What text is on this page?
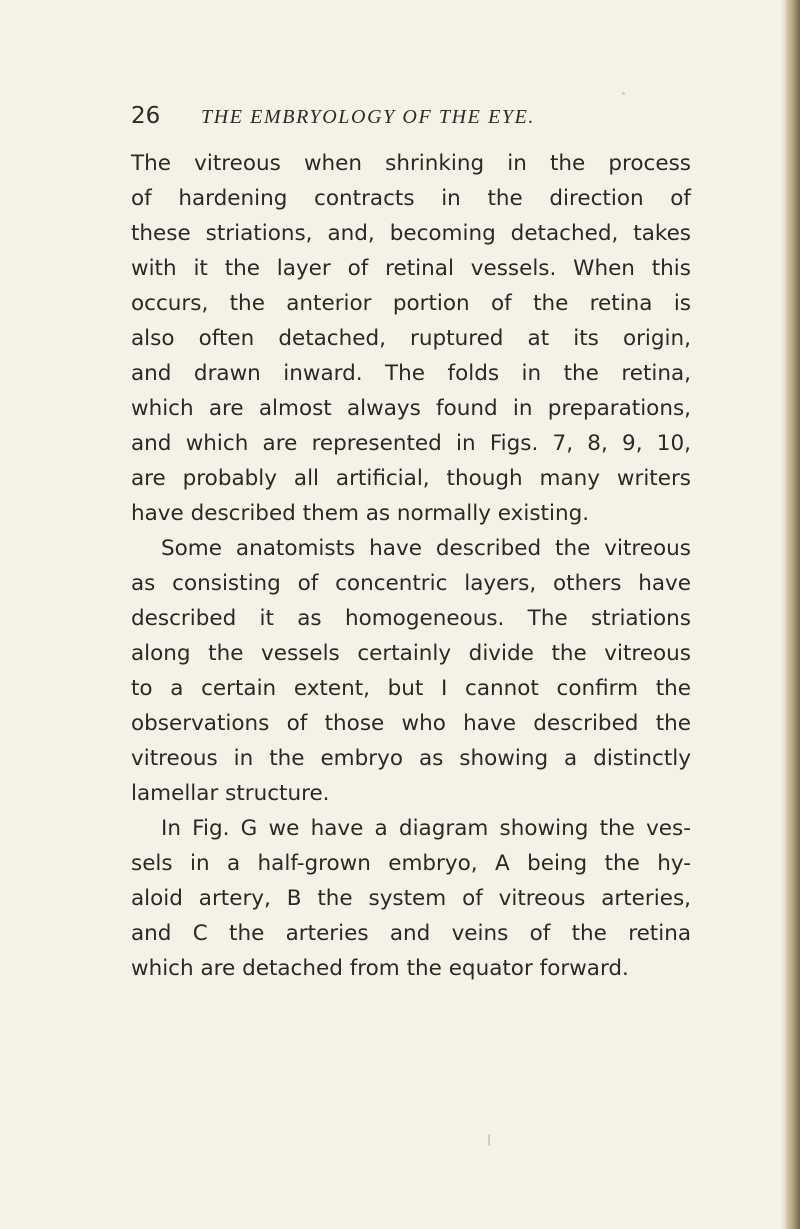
26 THE EMBRYOLOGY OF THE EYE.
The vitreous when shrinking in the process
of hardening contracts in the direction of
these striations, and, becoming detached, takes
with it the layer of retinal vessels. When this
occurs, the anterior portion of the retina is
also often detached, ruptured at its origin,
and drawn inward. The folds in the retina,
which are almost always found in preparations,
and which are represented in Figs. 7, 8, 9, 10,
are probably all artificial, though many writers
have described them as normally existing.
Some anatomists have described the vitreous
as consisting of concentric layers, others have
described it as homogeneous. The striations
along the vessels certainly divide the vitreous
to a certain extent, but I cannot confirm the
observations of those who have described the
vitreous in the embryo as showing a distinctly
lamellar structure.
In Fig. G we have a diagram showing the ves-
sels in a half-grown embryo, A being the hy-
aloid artery, B the system of vitreous arteries,
and C the arteries and veins of the retina
which are detached from the equator forward.
